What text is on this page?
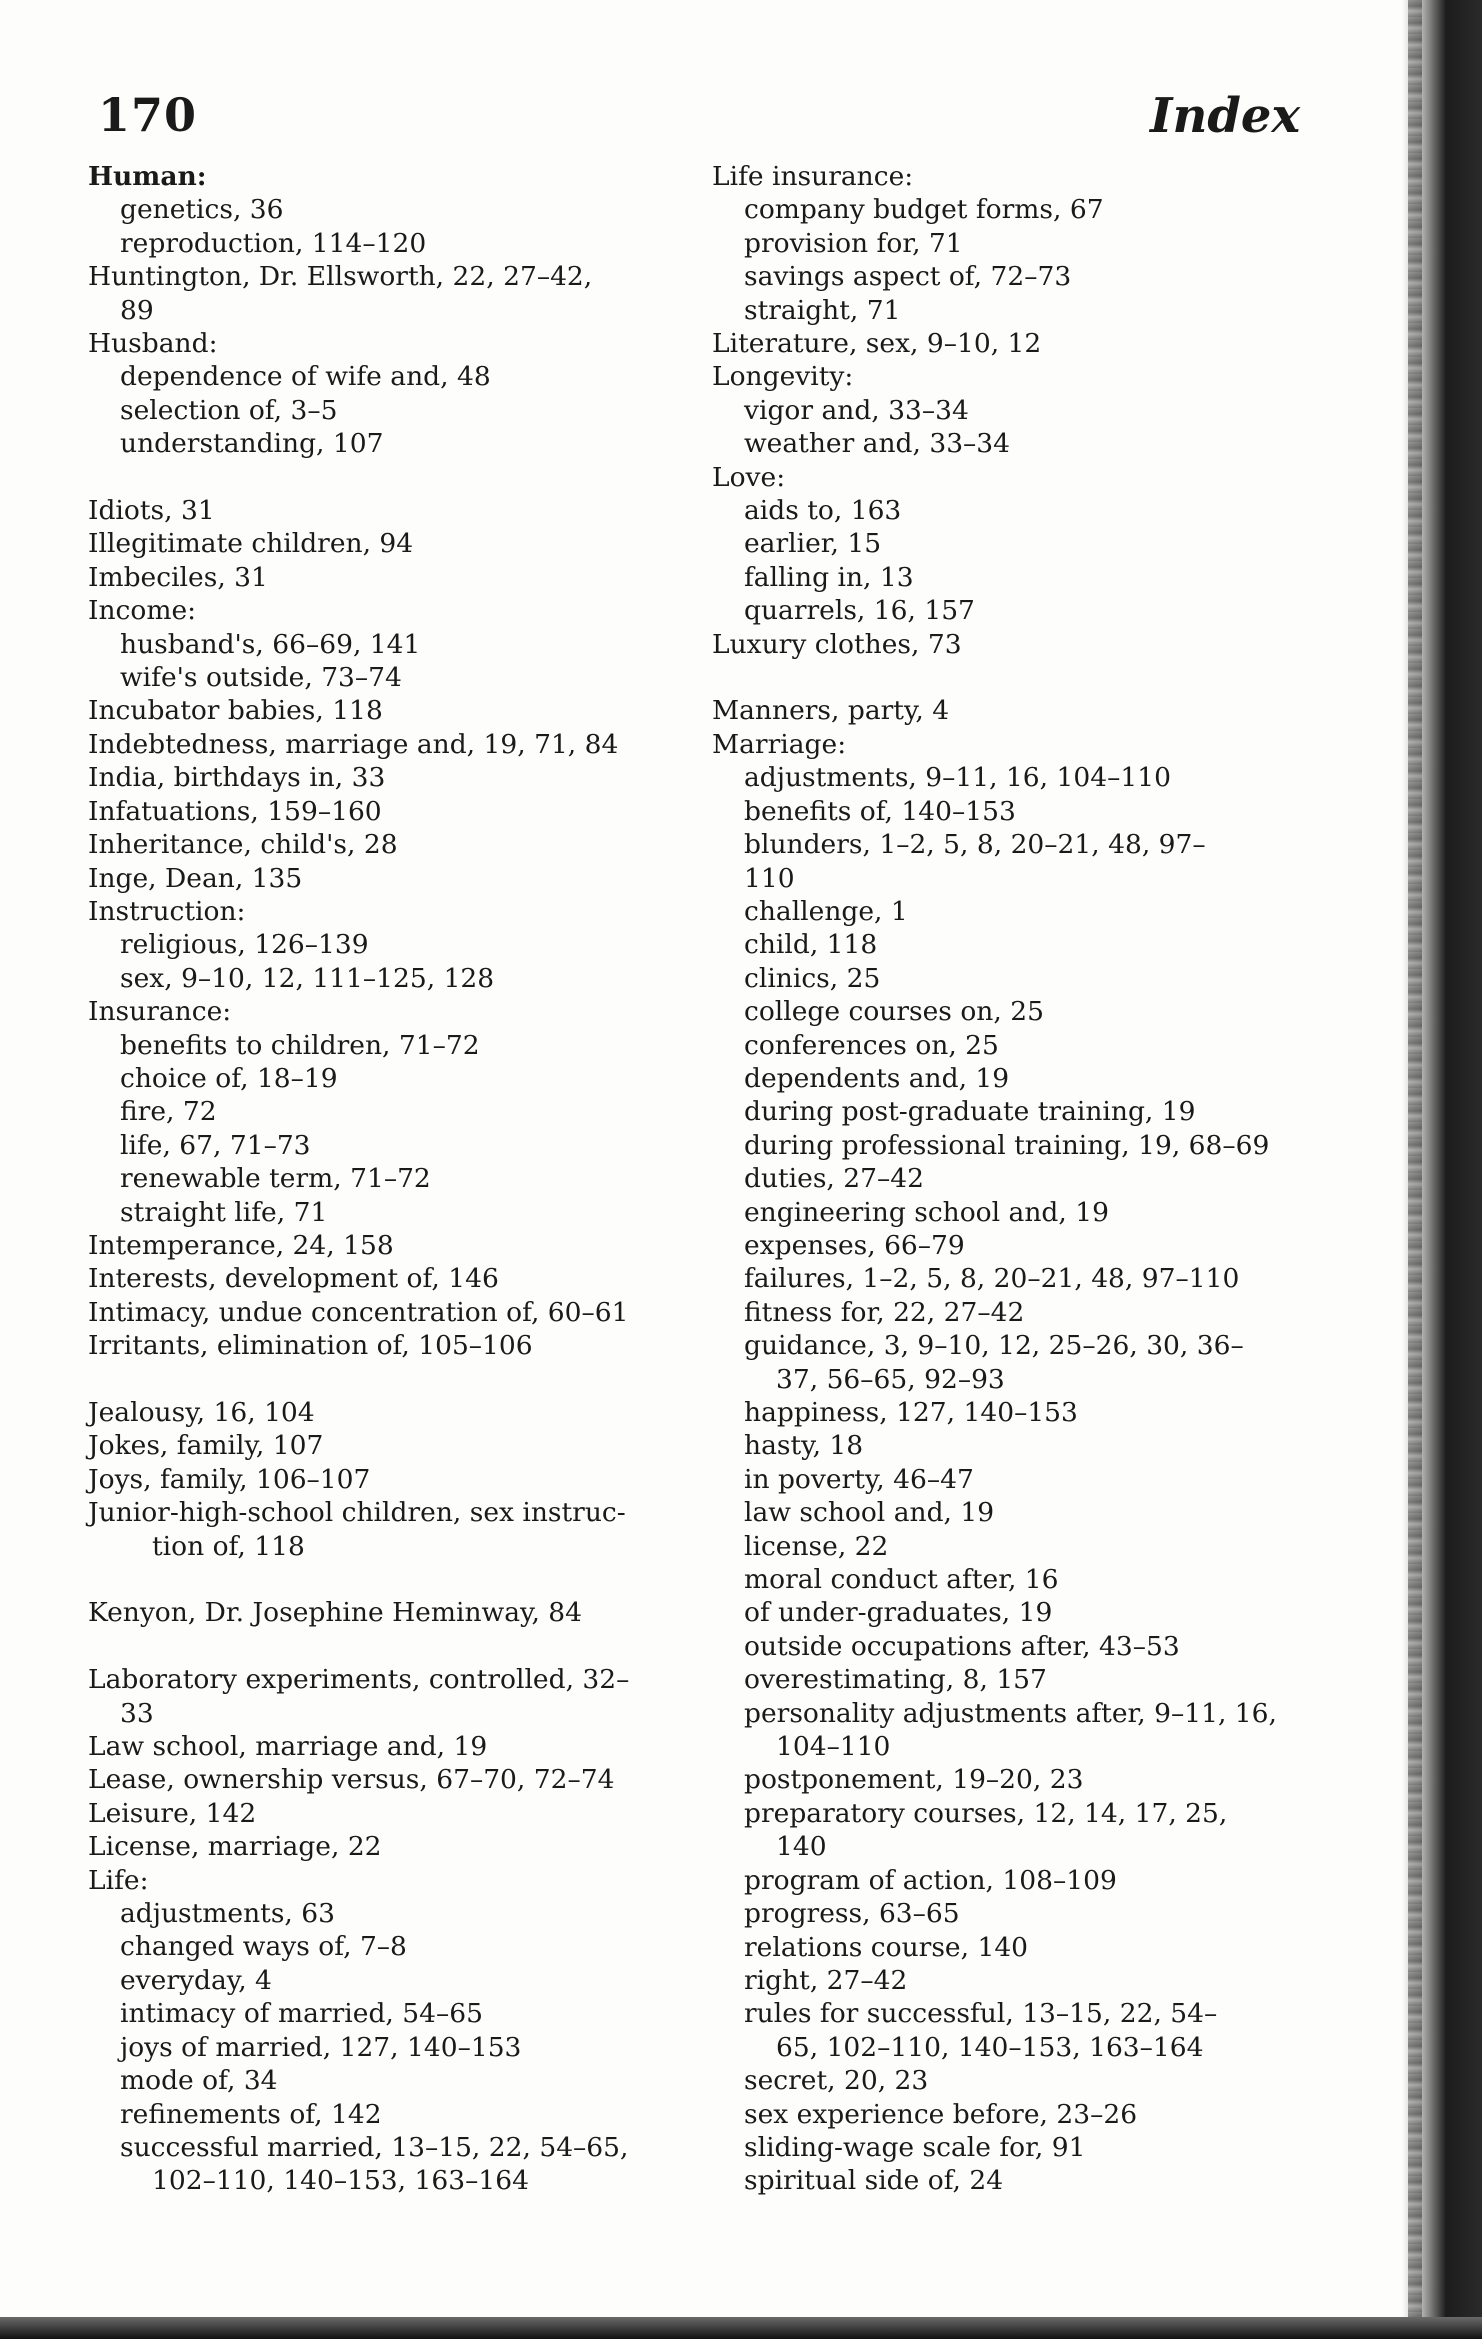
170	Index
Human:
genetics, 36
reproduction, 114–120
Huntington, Dr. Ellsworth, 22, 27–42,
89
Husband:
dependence of wife and, 48
selection of, 3–5
understanding, 107
Idiots, 31
Illegitimate children, 94
Imbeciles, 31
Income:
husband's, 66–69, 141
wife's outside, 73–74
Incubator babies, 118
Indebtedness, marriage and, 19, 71, 84
India, birthdays in, 33
Infatuations, 159–160
Inheritance, child's, 28
Inge, Dean, 135
Instruction:
religious, 126–139
sex, 9–10, 12, 111–125, 128
Insurance:
benefits to children, 71–72
choice of, 18–19
fire, 72
life, 67, 71–73
renewable term, 71–72
straight life, 71
Intemperance, 24, 158
Interests, development of, 146
Intimacy, undue concentration of, 60–61
Irritants, elimination of, 105–106
Jealousy, 16, 104
Jokes, family, 107
Joys, family, 106–107
Junior-high-school children, sex instruc-
tion of, 118
Kenyon, Dr. Josephine Heminway, 84
Laboratory experiments, controlled, 32–
33
Law school, marriage and, 19
Lease, ownership versus, 67–70, 72–74
Leisure, 142
License, marriage, 22
Life:
adjustments, 63
changed ways of, 7–8
everyday, 4
intimacy of married, 54–65
joys of married, 127, 140–153
mode of, 34
refinements of, 142
successful married, 13–15, 22, 54–65,
102–110, 140–153, 163–164
Life insurance:
company budget forms, 67
provision for, 71
savings aspect of, 72–73
straight, 71
Literature, sex, 9–10, 12
Longevity:
vigor and, 33–34
weather and, 33–34
Love:
aids to, 163
earlier, 15
falling in, 13
quarrels, 16, 157
Luxury clothes, 73
Manners, party, 4
Marriage:
adjustments, 9–11, 16, 104–110
benefits of, 140–153
blunders, 1–2, 5, 8, 20–21, 48, 97–
110
challenge, 1
child, 118
clinics, 25
college courses on, 25
conferences on, 25
dependents and, 19
during post-graduate training, 19
during professional training, 19, 68–69
duties, 27–42
engineering school and, 19
expenses, 66–79
failures, 1–2, 5, 8, 20–21, 48, 97–110
fitness for, 22, 27–42
guidance, 3, 9–10, 12, 25–26, 30, 36–
37, 56–65, 92–93
happiness, 127, 140–153
hasty, 18
in poverty, 46–47
law school and, 19
license, 22
moral conduct after, 16
of under-graduates, 19
outside occupations after, 43–53
overestimating, 8, 157
personality adjustments after, 9–11, 16,
104–110
postponement, 19–20, 23
preparatory courses, 12, 14, 17, 25,
140
program of action, 108–109
progress, 63–65
relations course, 140
right, 27–42
rules for successful, 13–15, 22, 54–
65, 102–110, 140–153, 163–164
secret, 20, 23
sex experience before, 23–26
sliding-wage scale for, 91
spiritual side of, 24
